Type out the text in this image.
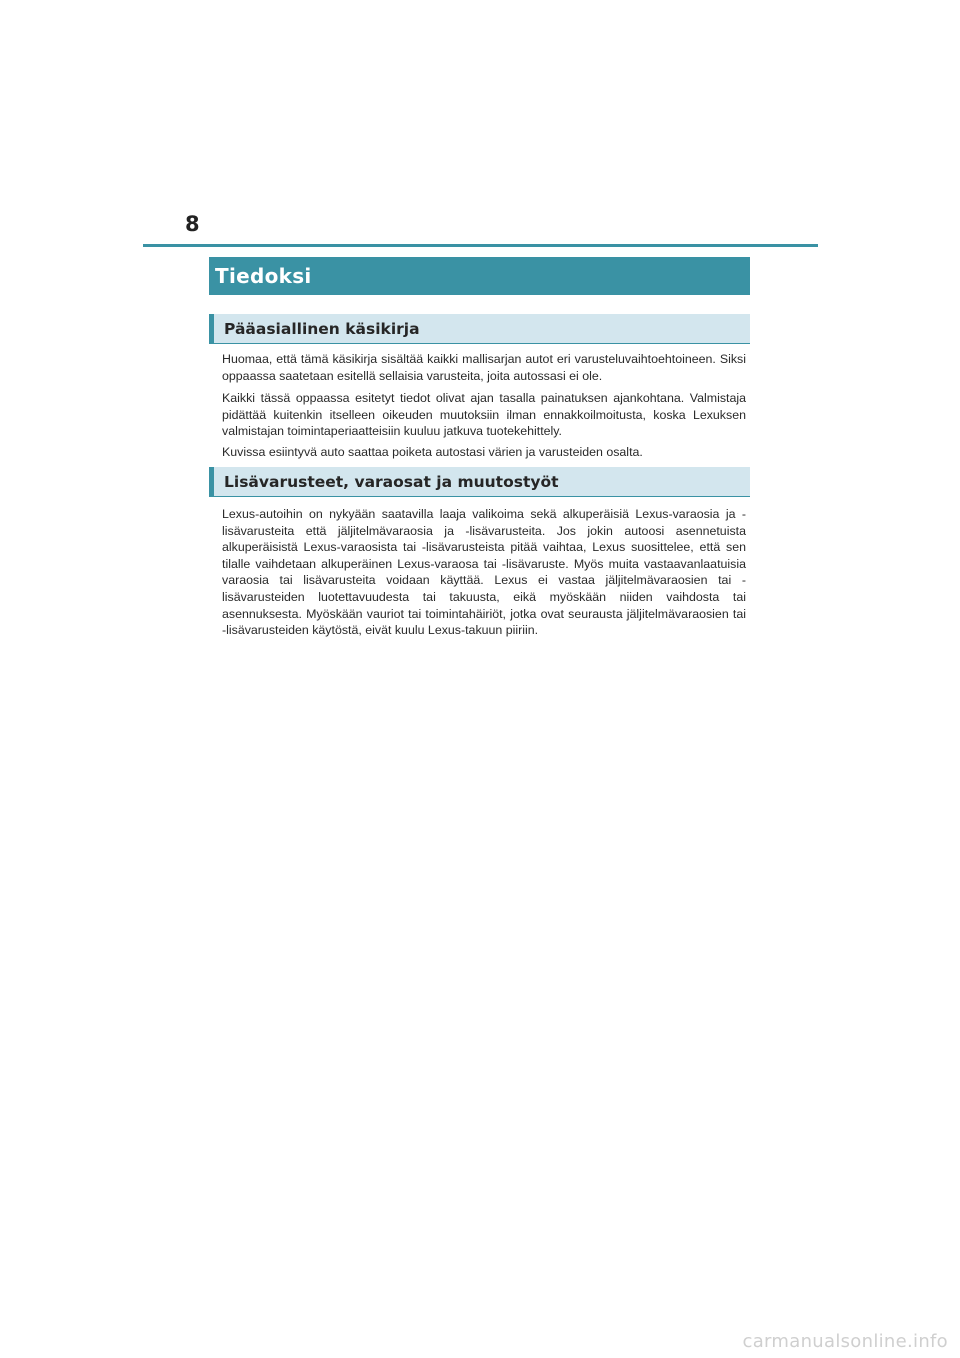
8
Tiedoksi
Pääasiallinen käsikirja

Huomaa, että tämä käsikirja sisältää kaikki mallisarjan autot eri varusteluvaihtoehtoineen. Siksi oppaassa saatetaan esitellä sellaisia varusteita, joita autossasi ei ole.

Kaikki tässä oppaassa esitetyt tiedot olivat ajan tasalla painatuksen ajankohtana. Valmistaja pidättää kuitenkin itselleen oikeuden muutoksiin ilman ennakkoilmoitusta, koska Lexuksen valmistajan toimintaperiaatteisiin kuuluu jatkuva tuotekehittely.

Kuvissa esiintyvä auto saattaa poiketa autostasi värien ja varusteiden osalta.

Lisävarusteet, varaosat ja muutostyöt

Lexus-autoihin on nykyään saatavilla laaja valikoima sekä alkuperäisiä Lexus-varaosia ja -lisävarusteita että jäljitelmävaraosia ja -lisävarusteita. Jos jokin autoosi asennetuista alkuperäisistä Lexus-varaosista tai -lisävarusteista pitää vaihtaa, Lexus suosittelee, että sen tilalle vaihdetaan alkuperäinen Lexus-varaosa tai -lisävaruste. Myös muita vastaavanlaatuisia varaosia tai lisävarusteita voidaan käyttää. Lexus ei vastaa jäljitelmävaraosien tai -lisävarusteiden luotettavuudesta tai takuusta, eikä myöskään niiden vaihdosta tai asennuksesta. Myöskään vauriot tai toimintahäiriöt, jotka ovat seurausta jäljitelmävaraosien tai -lisävarusteiden käytöstä, eivät kuulu Lexus-takuun piiriin.

carmanualsonline.info
